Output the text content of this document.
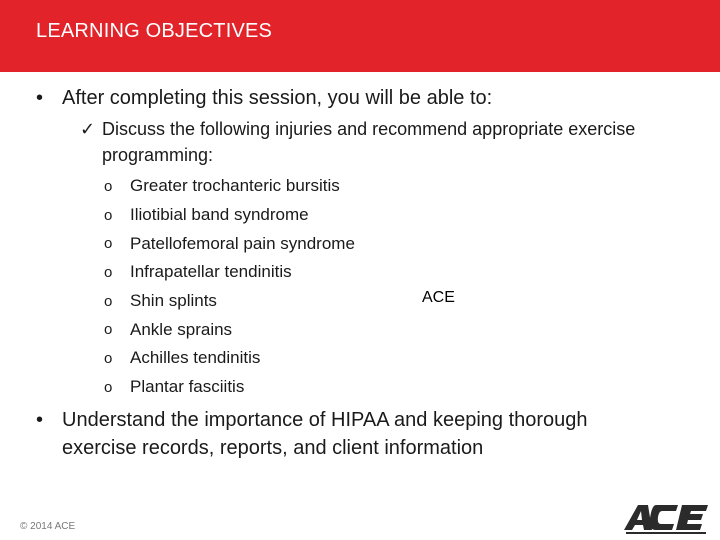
LEARNING OBJECTIVES
• After completing this session, you will be able to:
✓ Discuss the following injuries and recommend appropriate exercise programming:
o	Greater trochanteric bursitis
o	Iliotibial band syndrome
o	Patellofemoral pain syndrome
o	Infrapatellar tendinitis
o	Shin splints
o	Ankle sprains
o	Achilles tendinitis
o	Plantar fasciitis
• Understand the importance of HIPAA and keeping thorough exercise records, reports, and client information
© 2014 ACE
ACE
